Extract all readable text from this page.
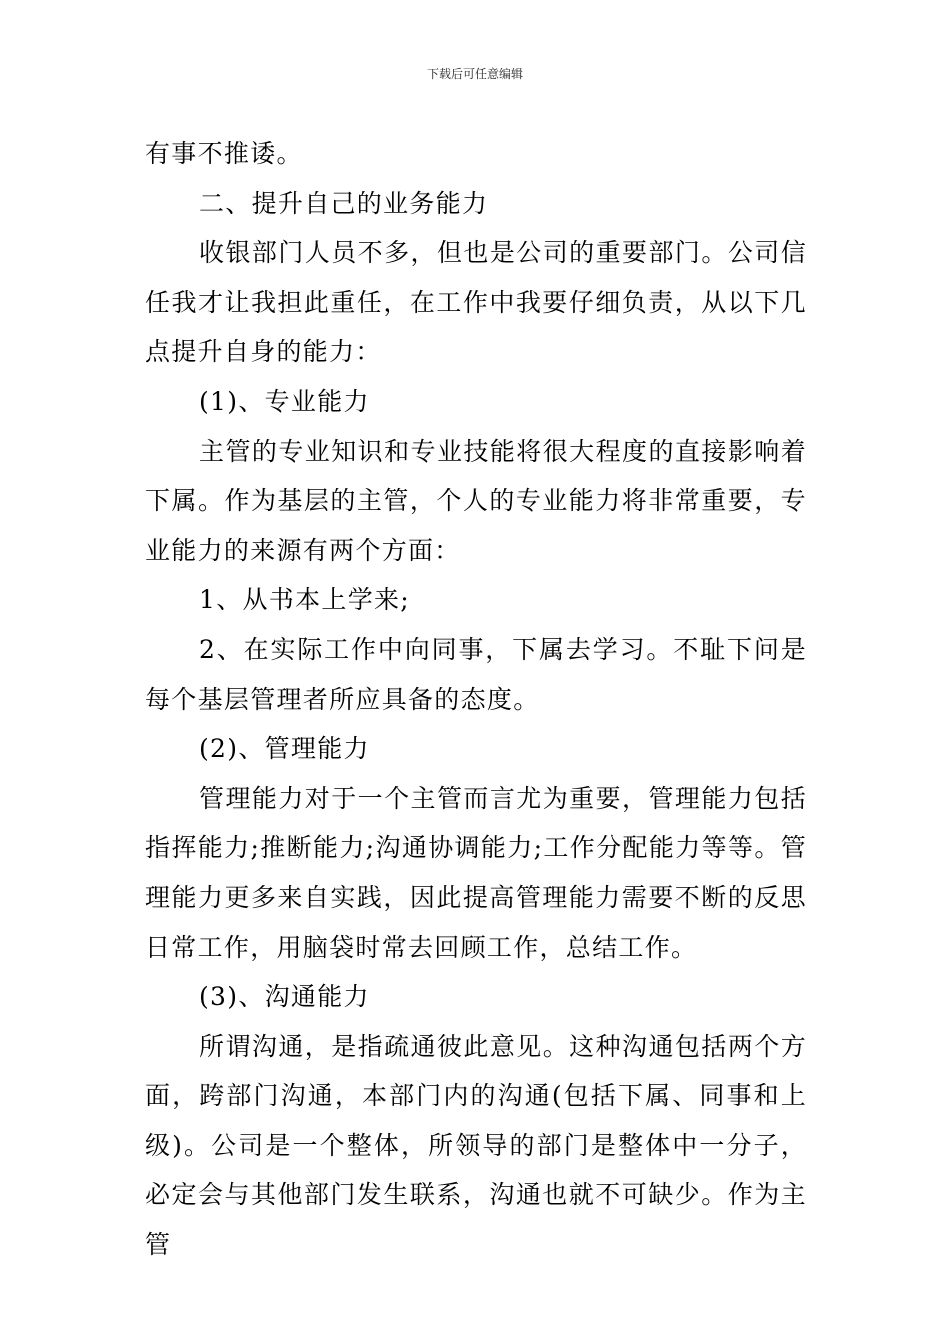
下载后可任意编辑

有事不推诿。

二、提升自己的业务能力

收银部门人员不多，但也是公司的重要部门。公司信任我才让我担此重任，在工作中我要仔细负责，从以下几点提升自身的能力：

(1)、专业能力

主管的专业知识和专业技能将很大程度的直接影响着下属。作为基层的主管，个人的专业能力将非常重要，专业能力的来源有两个方面：

1、从书本上学来;

2、在实际工作中向同事，下属去学习。不耻下问是每个基层管理者所应具备的态度。

(2)、管理能力

管理能力对于一个主管而言尤为重要，管理能力包括指挥能力;推断能力;沟通协调能力;工作分配能力等等。管理能力更多来自实践，因此提高管理能力需要不断的反思日常工作，用脑袋时常去回顾工作，总结工作。

(3)、沟通能力

所谓沟通，是指疏通彼此意见。这种沟通包括两个方面，跨部门沟通，本部门内的沟通(包括下属、同事和上级)。公司是一个整体，所领导的部门是整体中一分子，必定会与其他部门发生联系，沟通也就不可缺少。作为主管
